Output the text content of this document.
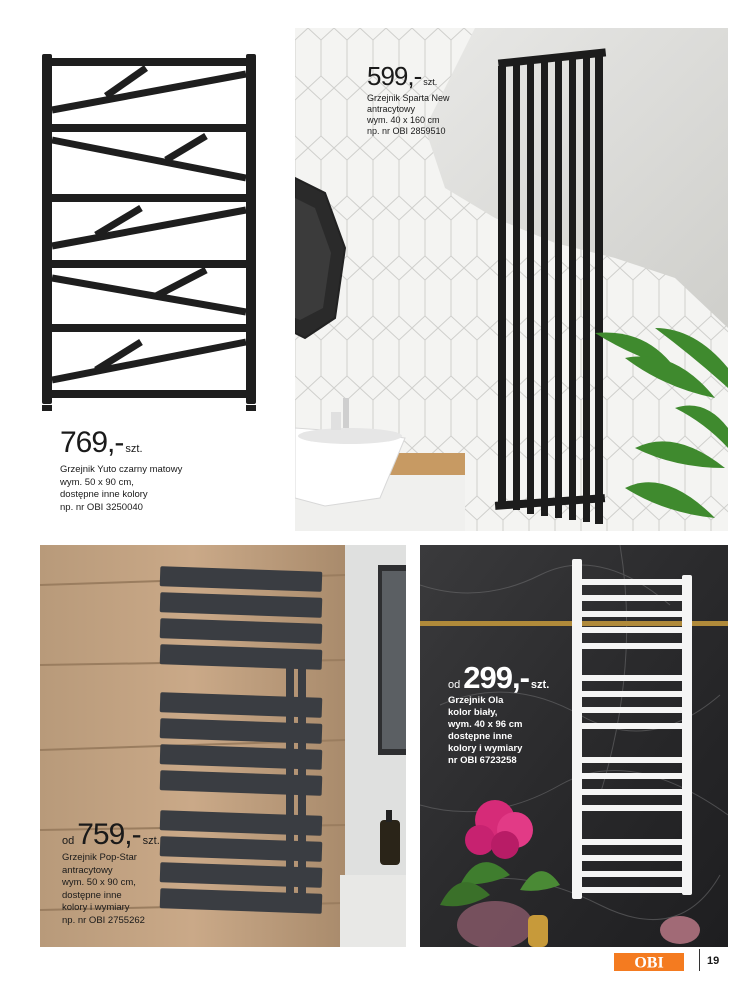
769,- szt.
Grzejnik Yuto czarny matowy
wym. 50 x 90 cm,
dostępne inne kolory
np. nr OBI 3250040
599,- szt.
Grzejnik Sparta New
antracytowy
wym. 40 x 160 cm
np. nr OBI 2859510
od 759,- szt.
Grzejnik Pop-Star
antracytowy
wym. 50 x 90 cm,
dostępne inne
kolory i wymiary
np. nr OBI 2755262
od299,- szt.
Grzejnik Ola
kolor biały,
wym. 40 x 96 cm
dostępne inne
kolory i wymiary
nr OBI 6723258
OBI	19
